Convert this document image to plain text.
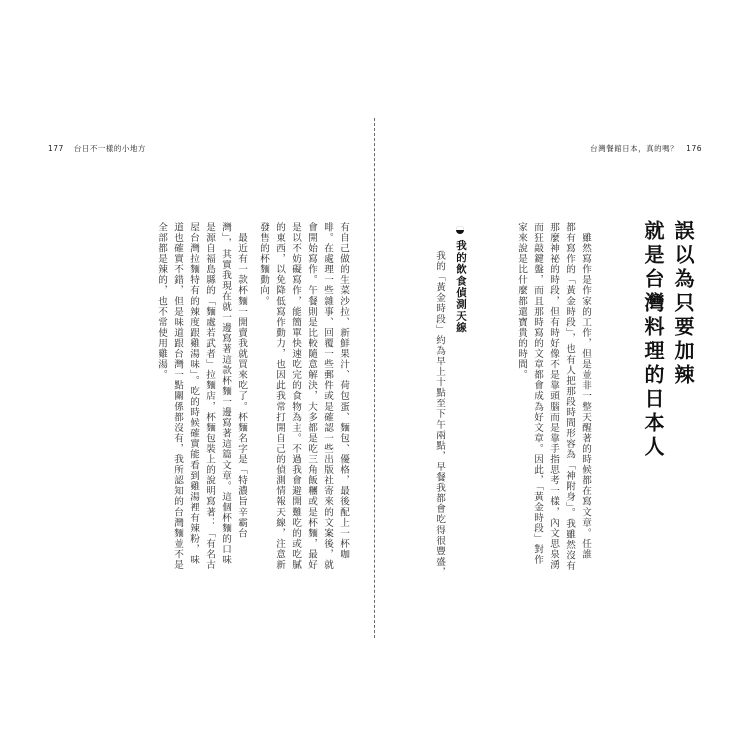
177 台日不一樣的小地方	台灣餐館日本，真的嗎？ 176
誤以為只要加辣
就是台灣料理的日本人
　雖然寫作是作家的工作，但是並非一整天醒著的時候都在寫文章。任誰
都有寫作的「黃金時段」，也有人把那段時間形容為「神附身」。我雖然沒有
那麼神祕的時段，但有時好像不是靠頭腦而是靠手指思考一樣，內文思泉湧
而狂敲鍵盤，而且那時寫的文章都會成為好文章。因此，「黃金時段」對作
家來說是比什麼都還寶貴的時間。
我的飲食偵測天線
　我的「黃金時段」約為早上十點至下午兩點，早餐我都會吃得很豐盛，
有自己做的生菜沙拉、新鮮果汁、荷包蛋、麵包、優格，最後配上一杯咖
啡。在處理一些雜事、回覆一些郵件或是確認一些出版社寄來的文案後，就
會開始寫作。午餐則是比較隨意解決，大多都是吃三角飯糰或是杯麵，最好
是以不妨礙寫作，能簡單快速吃完的食物為主。不過我會避開難吃的或吃膩
的東西，以免降低寫作動力，也因此我常打開自己的偵測情報天線，注意新
發售的杯麵動向。
　最近有一款杯麵一開賣我就買來吃了。杯麵名字是「特濃旨辛霸台
灣」，其實我現在就一邊寫著這款杯麵一邊寫著這篇文章。這個杯麵的口味
是源自福島縣的「麵處若武者」拉麵店，杯麵包裝上的說明寫著：「有名古
屋台灣拉麵特有的辣度跟雞湯味」。吃的時候確實能看到雞湯裡有辣粉，味
道也確實不錯，但是味道跟台灣一點關係都沒有，我所認知的台灣麵並不是
全部都是辣的，也不常使用雞湯。
